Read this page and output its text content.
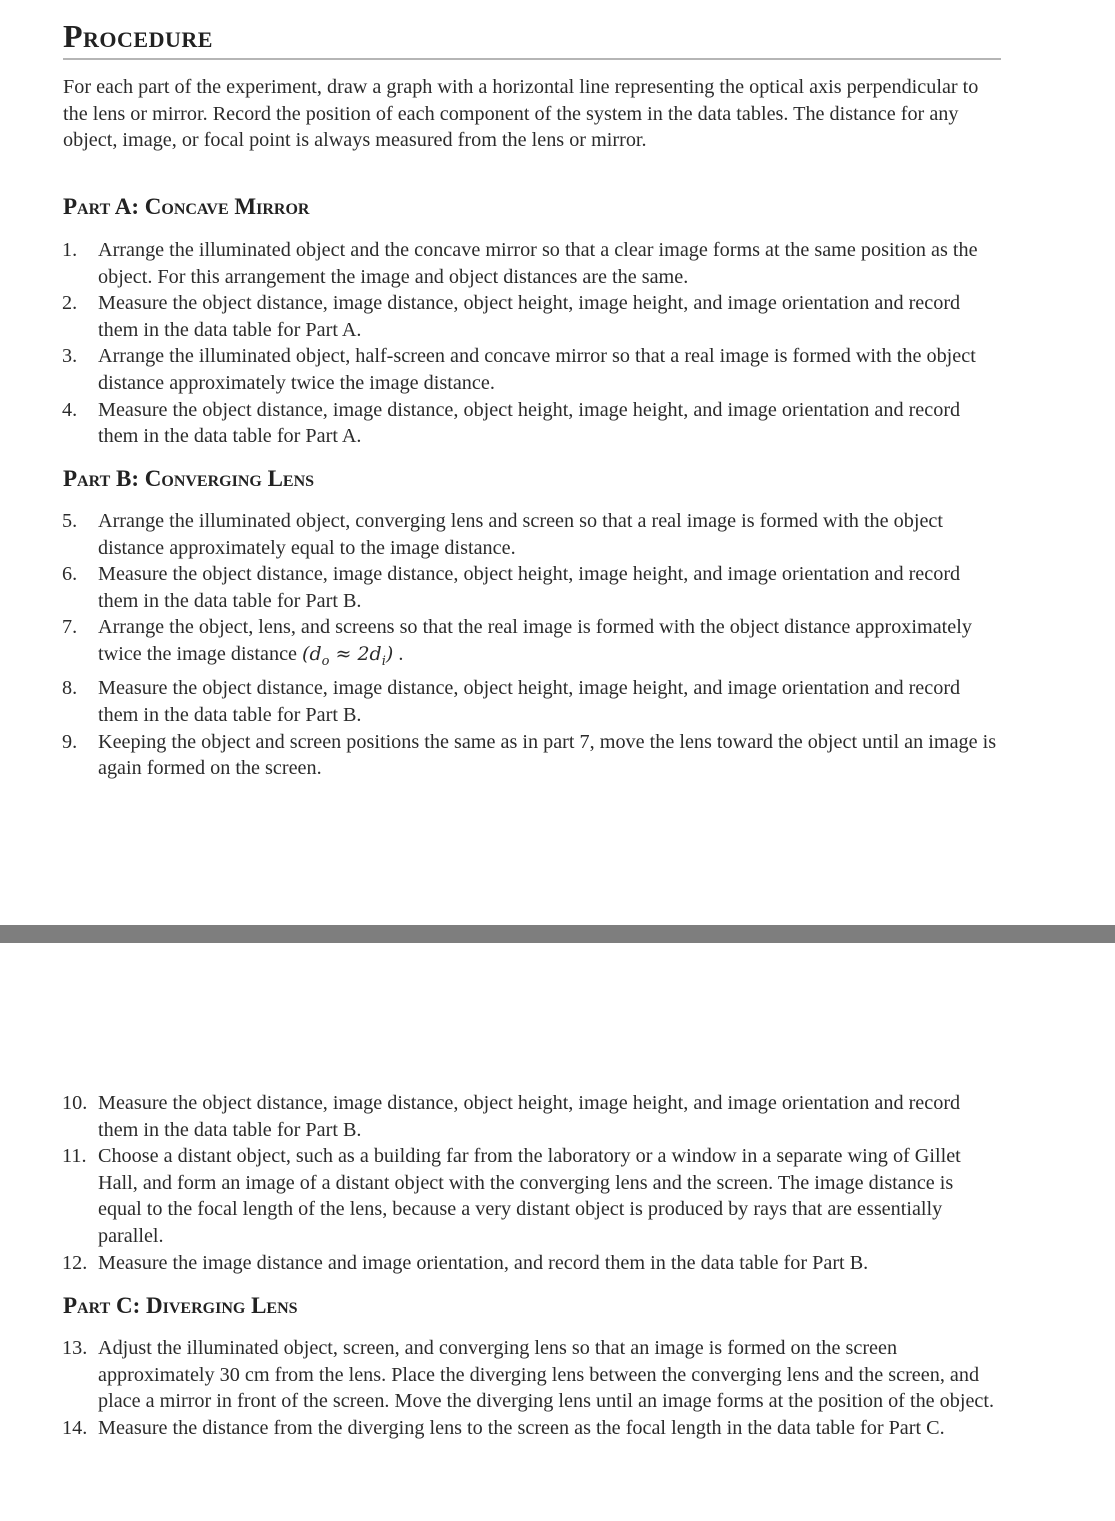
Procedure

For each part of the experiment, draw a graph with a horizontal line representing the optical axis perpendicular to the lens or mirror. Record the position of each component of the system in the data tables. The distance for any object, image, or focal point is always measured from the lens or mirror.

Part A: Concave Mirror
1.	Arrange the illuminated object and the concave mirror so that a clear image forms at the same position as the object. For this arrangement the image and object distances are the same.
2.	Measure the object distance, image distance, object height, image height, and image orientation and record them in the data table for Part A.
3.	Arrange the illuminated object, half-screen and concave mirror so that a real image is formed with the object distance approximately twice the image distance.
4.	Measure the object distance, image distance, object height, image height, and image orientation and record them in the data table for Part A.
Part B: Converging Lens
5.	Arrange the illuminated object, converging lens and screen so that a real image is formed with the object distance approximately equal to the image distance.
6.	Measure the object distance, image distance, object height, image height, and image orientation and record them in the data table for Part B.
7.	Arrange the object, lens, and screens so that the real image is formed with the object distance approximately twice the image distance $(d_o \approx 2d_i)$ .
8.	Measure the object distance, image distance, object height, image height, and image orientation and record them in the data table for Part B.
9.	Keeping the object and screen positions the same as in part 7, move the lens toward the object until an image is again formed on the screen.
10. Measure the object distance, image distance, object height, image height, and image orientation and record them in the data table for Part B.
11. Choose a distant object, such as a building far from the laboratory or a window in a separate wing of Gillet Hall, and form an image of a distant object with the converging lens and the screen. The image distance is equal to the focal length of the lens, because a very distant object is produced by rays that are essentially parallel.
12. Measure the image distance and image orientation, and record them in the data table for Part B.
Part C: Diverging Lens
13. Adjust the illuminated object, screen, and converging lens so that an image is formed on the screen approximately 30 cm from the lens. Place the diverging lens between the converging lens and the screen, and place a mirror in front of the screen. Move the diverging lens until an image forms at the position of the object.
14. Measure the distance from the diverging lens to the screen as the focal length in the data table for Part C.
